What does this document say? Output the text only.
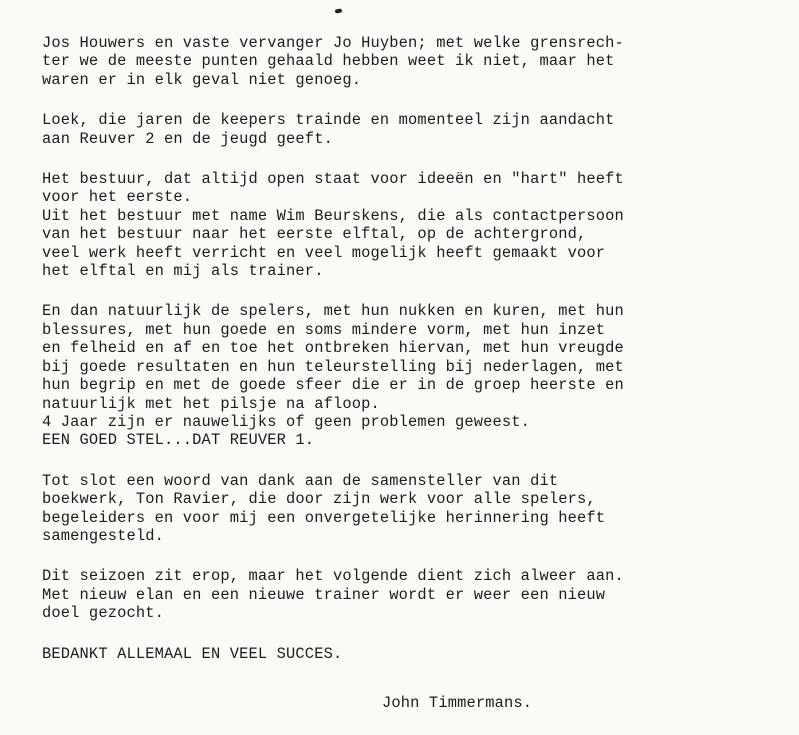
Jos Houwers en vaste vervanger Jo Huyben; met welke grensrech-
ter we de meeste punten gehaald hebben weet ik niet, maar het
waren er in elk geval niet genoeg.
Loek, die jaren de keepers trainde en momenteel zijn aandacht
aan Reuver 2 en de jeugd geeft.
Het bestuur, dat altijd open staat voor ideeën en "hart" heeft
voor het eerste.
Uit het bestuur met name Wim Beurskens, die als contactpersoon
van het bestuur naar het eerste elftal, op de achtergrond,
veel werk heeft verricht en veel mogelijk heeft gemaakt voor
het elftal en mij als trainer.
En dan natuurlijk de spelers, met hun nukken en kuren, met hun
blessures, met hun goede en soms mindere vorm, met hun inzet
en felheid en af en toe het ontbreken hiervan, met hun vreugde
bij goede resultaten en hun teleurstelling bij nederlagen, met
hun begrip en met de goede sfeer die er in de groep heerste en
natuurlijk met het pilsje na afloop.
4 Jaar zijn er nauwelijks of geen problemen geweest.
EEN GOED STEL...DAT REUVER 1.
Tot slot een woord van dank aan de samensteller van dit
boekwerk, Ton Ravier, die door zijn werk voor alle spelers,
begeleiders en voor mij een onvergetelijke herinnering heeft
samengesteld.
Dit seizoen zit erop, maar het volgende dient zich alweer aan.
Met nieuw elan en een nieuwe trainer wordt er weer een nieuw
doel gezocht.
BEDANKT ALLEMAAL EN VEEL SUCCES.
John Timmermans.
